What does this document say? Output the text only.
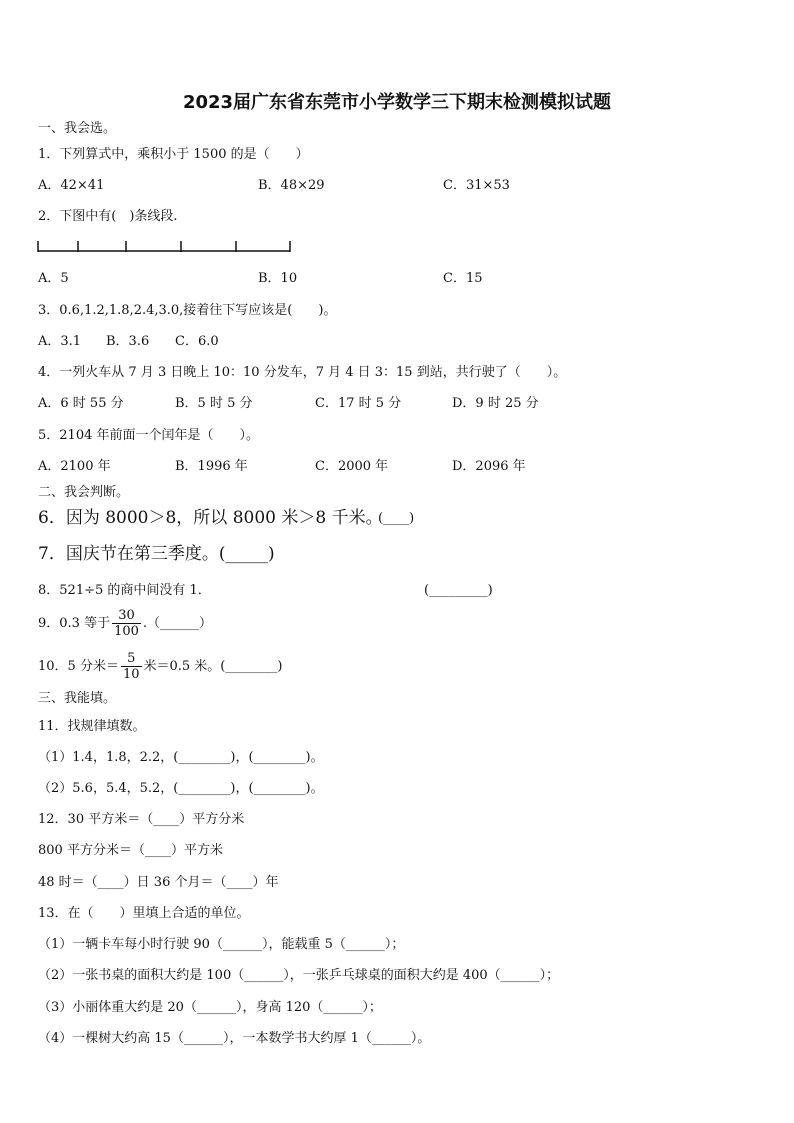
2023届广东省东莞市小学数学三下期末检测模拟试题
一、我会选。
1．下列算式中，乘积小于 1500 的是（　　）
A．42×41	B．48×29	C．31×53
2．下图中有(　)条线段.
A．5	B．10	C．15
3．0.6,1.2,1.8,2.4,3.0,接着往下写应该是(　　)。
A．3.1 B．3.6 C．6.0
4．一列火车从 7 月 3 日晚上 10：10 分发车，7 月 4 日 3：15 到站，共行驶了（　　）。
A．6 时 55 分	B．5 时 5 分	C．17 时 5 分	D．9 时 25 分
5．2104 年前面一个闰年是（　　）。
A．2100 年	B．1996 年	C．2000 年	D．2096 年
二、我会判断。
6．因为 8000＞8，所以 8000 米＞8 千米。
(____)
7．国庆节在第三季度。(_____)
8．521÷5 的商中间没有 1．	(_________)
9．0.3 等于 $\frac{30}{100}$ .（______）
10．5 分米＝ $\frac{5}{10}$ 米＝0.5 米。(________)
三、我能填。
11．找规律填数。
（1）1.4，1.8，2.2，(________)，(________)。
（2）5.6，5.4，5.2，(________)，(________)。
12．30 平方米＝（____）平方分米
800 平方分米＝（____）平方米
48 时＝（____）日 36 个月＝（____）年
13．在（　　）里填上合适的单位。
（1）一辆卡车每小时行驶 90（______），能载重 5（______）；
（2）一张书桌的面积大约是 100（______），一张乒乓球桌的面积大约是 400（______）；
（3）小丽体重大约是 20（______），身高 120（______）；
（4）一棵树大约高 15（______），一本数学书大约厚 1（______）。
